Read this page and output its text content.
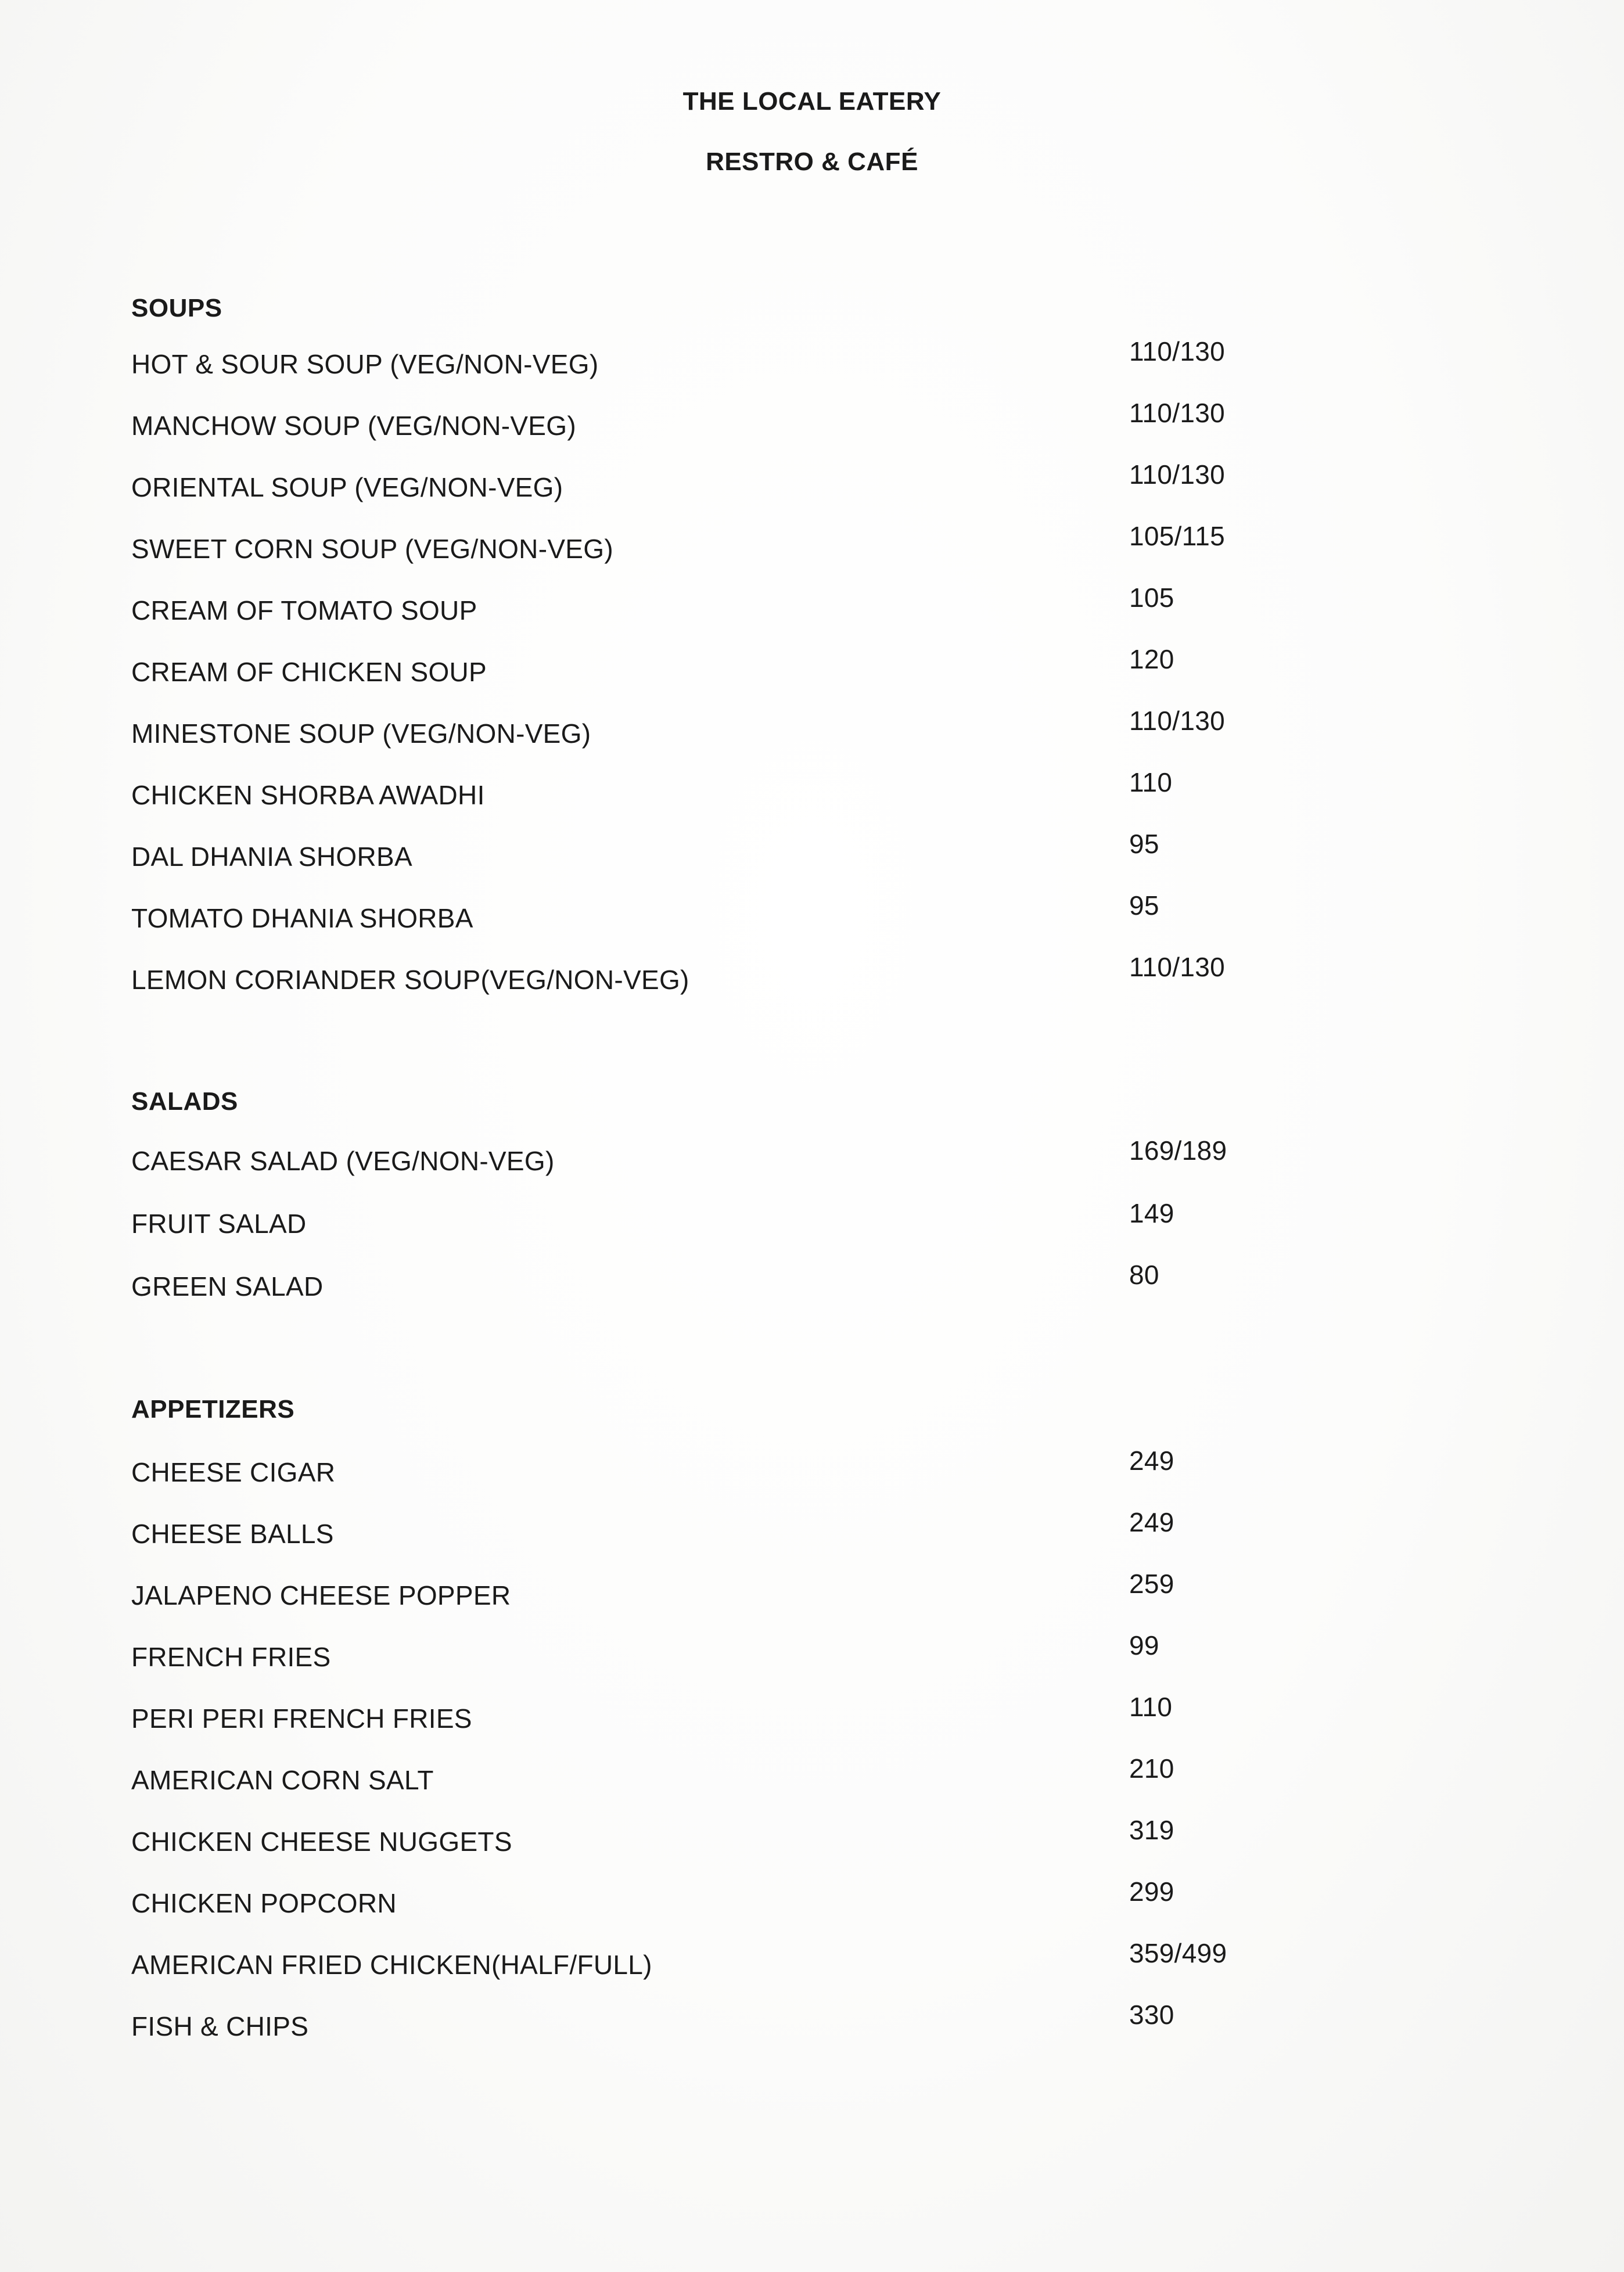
THE LOCAL EATERY
RESTRO & CAFÉ
SOUPS
HOT & SOUR SOUP (VEG/NON-VEG)	110/130
MANCHOW SOUP (VEG/NON-VEG)	110/130
ORIENTAL SOUP (VEG/NON-VEG)	110/130
SWEET CORN SOUP (VEG/NON-VEG)	105/115
CREAM OF TOMATO SOUP	105
CREAM OF CHICKEN SOUP	120
MINESTONE SOUP (VEG/NON-VEG)	110/130
CHICKEN SHORBA AWADHI	110
DAL DHANIA SHORBA	95
TOMATO DHANIA SHORBA	95
LEMON CORIANDER SOUP(VEG/NON-VEG)	110/130
SALADS
CAESAR SALAD (VEG/NON-VEG)	169/189
FRUIT SALAD	149
GREEN SALAD	80
APPETIZERS
CHEESE CIGAR	249
CHEESE BALLS	249
JALAPENO CHEESE POPPER	259
FRENCH FRIES	99
PERI PERI FRENCH FRIES	110
AMERICAN CORN SALT	210
CHICKEN CHEESE NUGGETS	319
CHICKEN POPCORN	299
AMERICAN FRIED CHICKEN(HALF/FULL)	359/499
FISH & CHIPS	330
